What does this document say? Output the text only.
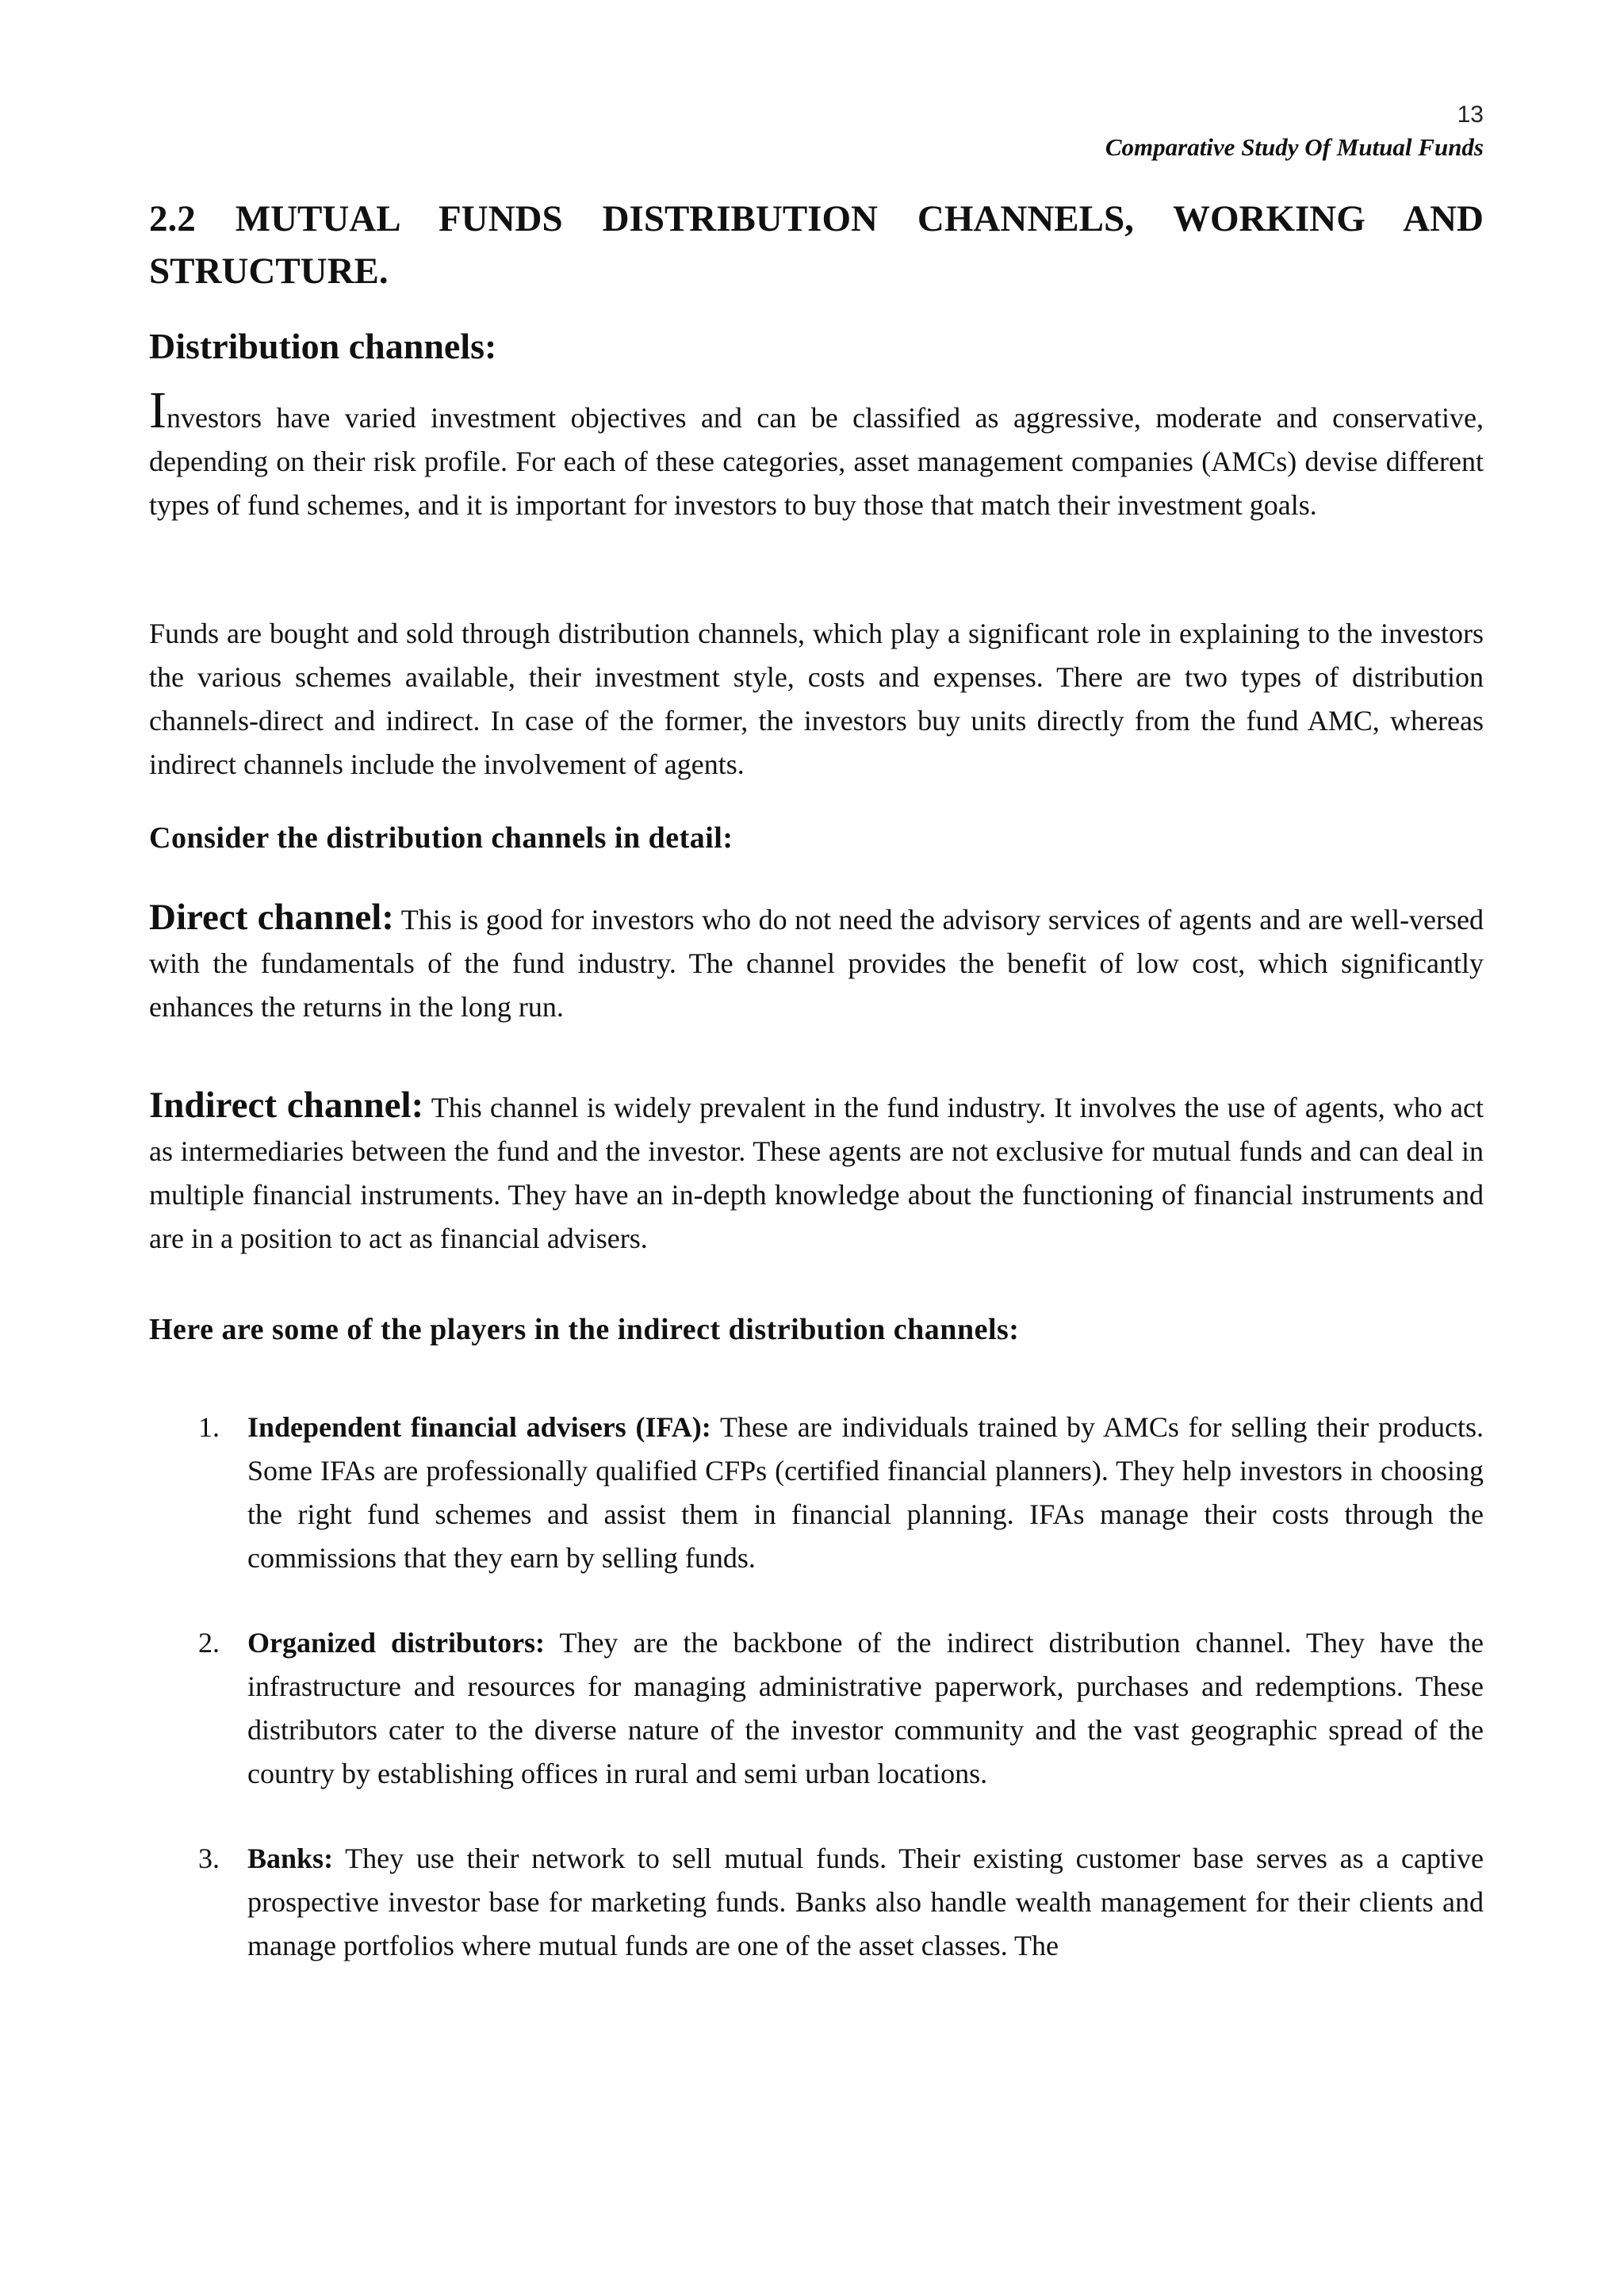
13
Comparative Study Of Mutual Funds
2.2 MUTUAL FUNDS DISTRIBUTION CHANNELS, WORKING AND STRUCTURE.
Distribution channels:

Investors have varied investment objectives and can be classified as aggressive, moderate and conservative, depending on their risk profile. For each of these categories, asset management companies (AMCs) devise different types of fund schemes, and it is important for investors to buy those that match their investment goals.

Funds are bought and sold through distribution channels, which play a significant role in explaining to the investors the various schemes available, their investment style, costs and expenses. There are two types of distribution channels-direct and indirect. In case of the former, the investors buy units directly from the fund AMC, whereas indirect channels include the involvement of agents.

Consider the distribution channels in detail:

Direct channel: This is good for investors who do not need the advisory services of agents and are well-versed with the fundamentals of the fund industry. The channel provides the benefit of low cost, which significantly enhances the returns in the long run.

Indirect channel: This channel is widely prevalent in the fund industry. It involves the use of agents, who act as intermediaries between the fund and the investor. These agents are not exclusive for mutual funds and can deal in multiple financial instruments. They have an in-depth knowledge about the functioning of financial instruments and are in a position to act as financial advisers.

Here are some of the players in the indirect distribution channels:
1. Independent financial advisers (IFA): These are individuals trained by AMCs for selling their products. Some IFAs are professionally qualified CFPs (certified financial planners). They help investors in choosing the right fund schemes and assist them in financial planning. IFAs manage their costs through the commissions that they earn by selling funds.

2. Organized distributors: They are the backbone of the indirect distribution channel. They have the infrastructure and resources for managing administrative paperwork, purchases and redemptions. These distributors cater to the diverse nature of the investor community and the vast geographic spread of the country by establishing offices in rural and semi urban locations.

3. Banks: They use their network to sell mutual funds. Their existing customer base serves as a captive prospective investor base for marketing funds. Banks also handle wealth management for their clients and manage portfolios where mutual funds are one of the asset classes. The
